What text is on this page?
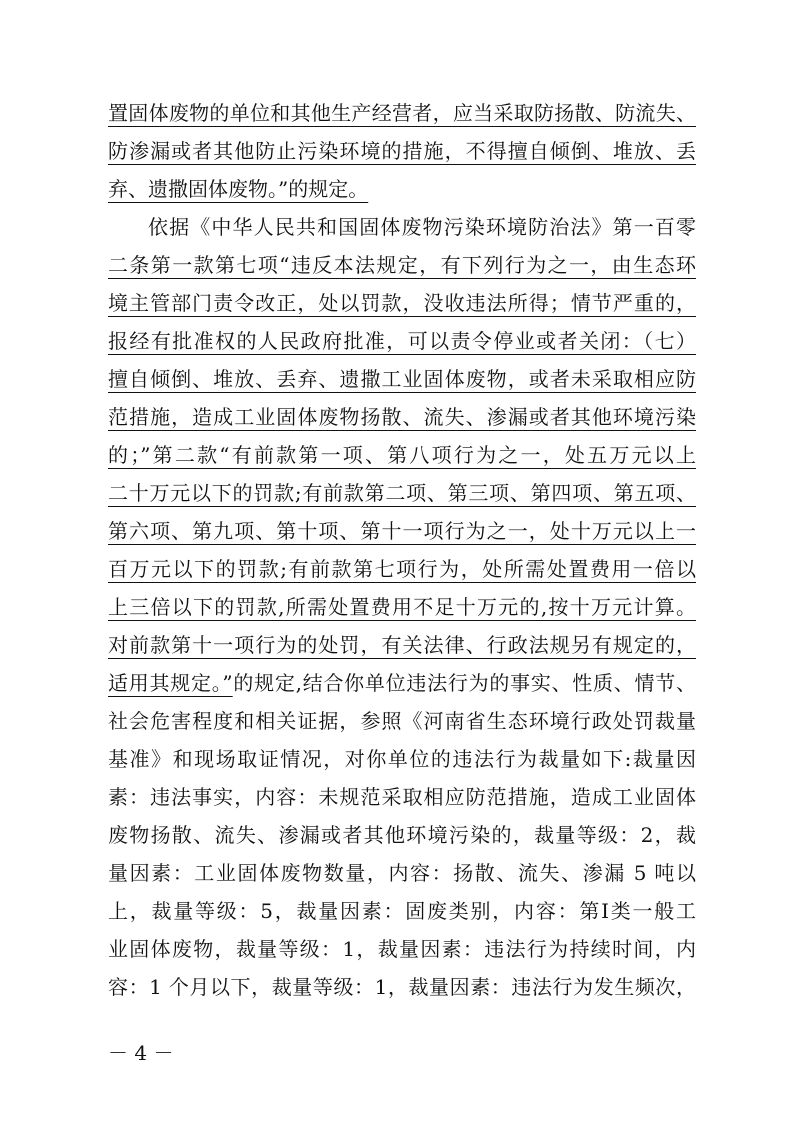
置固体废物的单位和其他生产经营者，应当采取防扬散、防流失、
防渗漏或者其他防止污染环境的措施，不得擅自倾倒、堆放、丢
弃、遗撒固体废物。”的规定。
依据《中华人民共和国固体废物污染环境防治法》第一百零
二条第一款第七项“违反本法规定，有下列行为之一，由生态环
境主管部门责令改正，处以罚款，没收违法所得；情节严重的，
报经有批准权的人民政府批准，可以责令停业或者关闭：（七）
擅自倾倒、堆放、丢弃、遗撒工业固体废物，或者未采取相应防
范措施，造成工业固体废物扬散、流失、渗漏或者其他环境污染
的；”第二款“有前款第一项、第八项行为之一，处五万元以上
二十万元以下的罚款;有前款第二项、第三项、第四项、第五项、
第六项、第九项、第十项、第十一项行为之一，处十万元以上一
百万元以下的罚款;有前款第七项行为，处所需处置费用一倍以
上三倍以下的罚款,所需处置费用不足十万元的,按十万元计算。
对前款第十一项行为的处罚，有关法律、行政法规另有规定的，
适用其规定。”的规定,结合你单位违法行为的事实、性质、情节、
社会危害程度和相关证据，参照《河南省生态环境行政处罚裁量
基准》和现场取证情况，对你单位的违法行为裁量如下:裁量因
素：违法事实，内容：未规范采取相应防范措施，造成工业固体
废物扬散、流失、渗漏或者其他环境污染的，裁量等级：2，裁
量因素：工业固体废物数量，内容：扬散、流失、渗漏 5 吨以
上，裁量等级：5，裁量因素：固废类别，内容：第Ⅰ类一般工
业固体废物，裁量等级：1，裁量因素：违法行为持续时间，内
容：1 个月以下，裁量等级：1，裁量因素：违法行为发生频次，
－ 4 －
